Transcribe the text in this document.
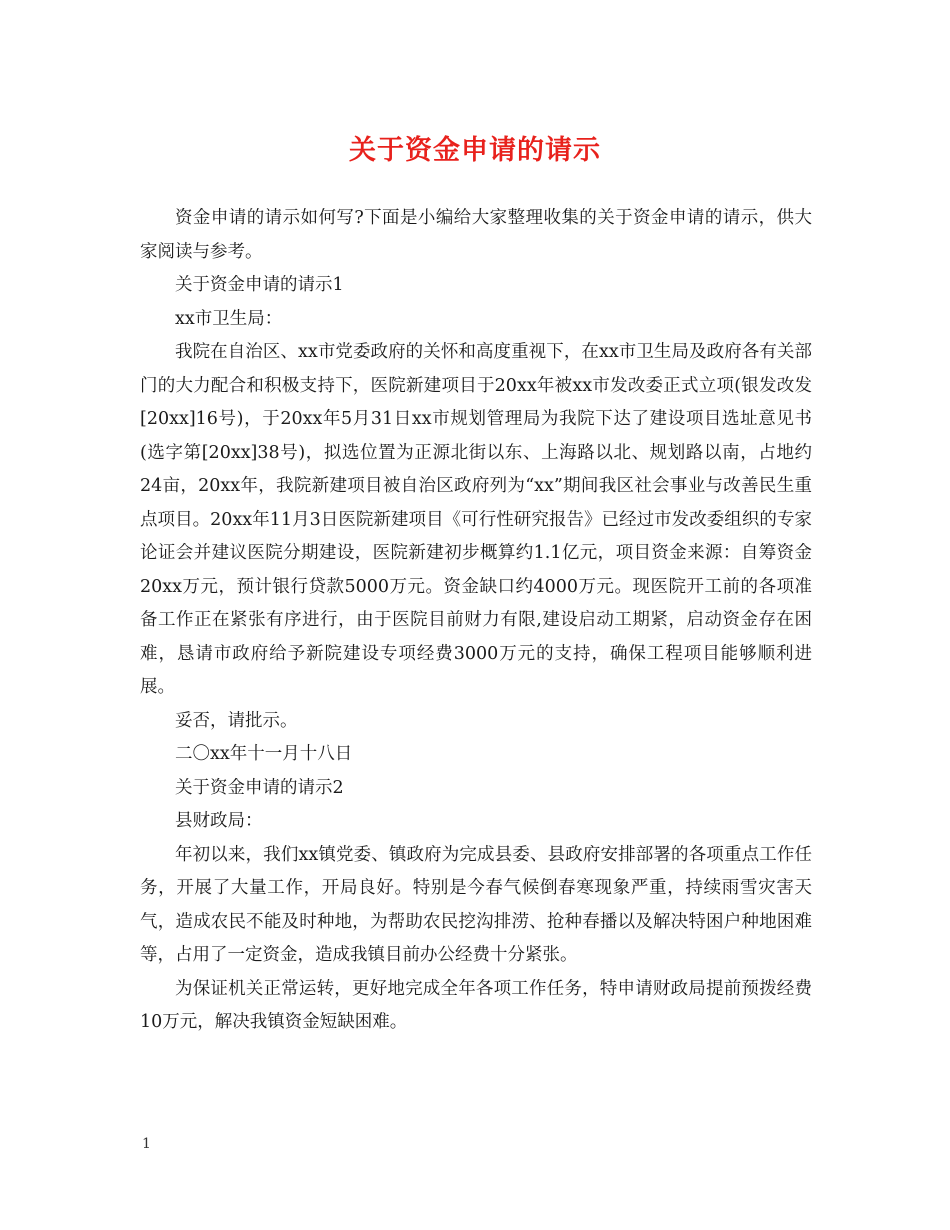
关于资金申请的请示

资金申请的请示如何写?下面是小编给大家整理收集的关于资金申请的请示，供大家阅读与参考。

关于资金申请的请示1

xx市卫生局：

我院在自治区、xx市党委政府的关怀和高度重视下，在xx市卫生局及政府各有关部门的大力配合和积极支持下，医院新建项目于20xx年被xx市发改委正式立项(银发改发[20xx]16号)，于20xx年5月31日xx市规划管理局为我院下达了建设项目选址意见书(选字第[20xx]38号)，拟选位置为正源北街以东、上海路以北、规划路以南，占地约24亩，20xx年，我院新建项目被自治区政府列为“xx”期间我区社会事业与改善民生重点项目。20xx年11月3日医院新建项目《可行性研究报告》已经过市发改委组织的专家论证会并建议医院分期建设，医院新建初步概算约1.1亿元，项目资金来源：自筹资金20xx万元，预计银行贷款5000万元。资金缺口约4000万元。现医院开工前的各项准备工作正在紧张有序进行，由于医院目前财力有限,建设启动工期紧，启动资金存在困难，恳请市政府给予新院建设专项经费3000万元的支持，确保工程项目能够顺利进展。

妥否，请批示。

二〇xx年十一月十八日

关于资金申请的请示2

县财政局：

年初以来，我们xx镇党委、镇政府为完成县委、县政府安排部署的各项重点工作任务，开展了大量工作，开局良好。特别是今春气候倒春寒现象严重，持续雨雪灾害天气，造成农民不能及时种地，为帮助农民挖沟排涝、抢种春播以及解决特困户种地困难等，占用了一定资金，造成我镇目前办公经费十分紧张。

为保证机关正常运转，更好地完成全年各项工作任务，特申请财政局提前预拨经费10万元，解决我镇资金短缺困难。

1
